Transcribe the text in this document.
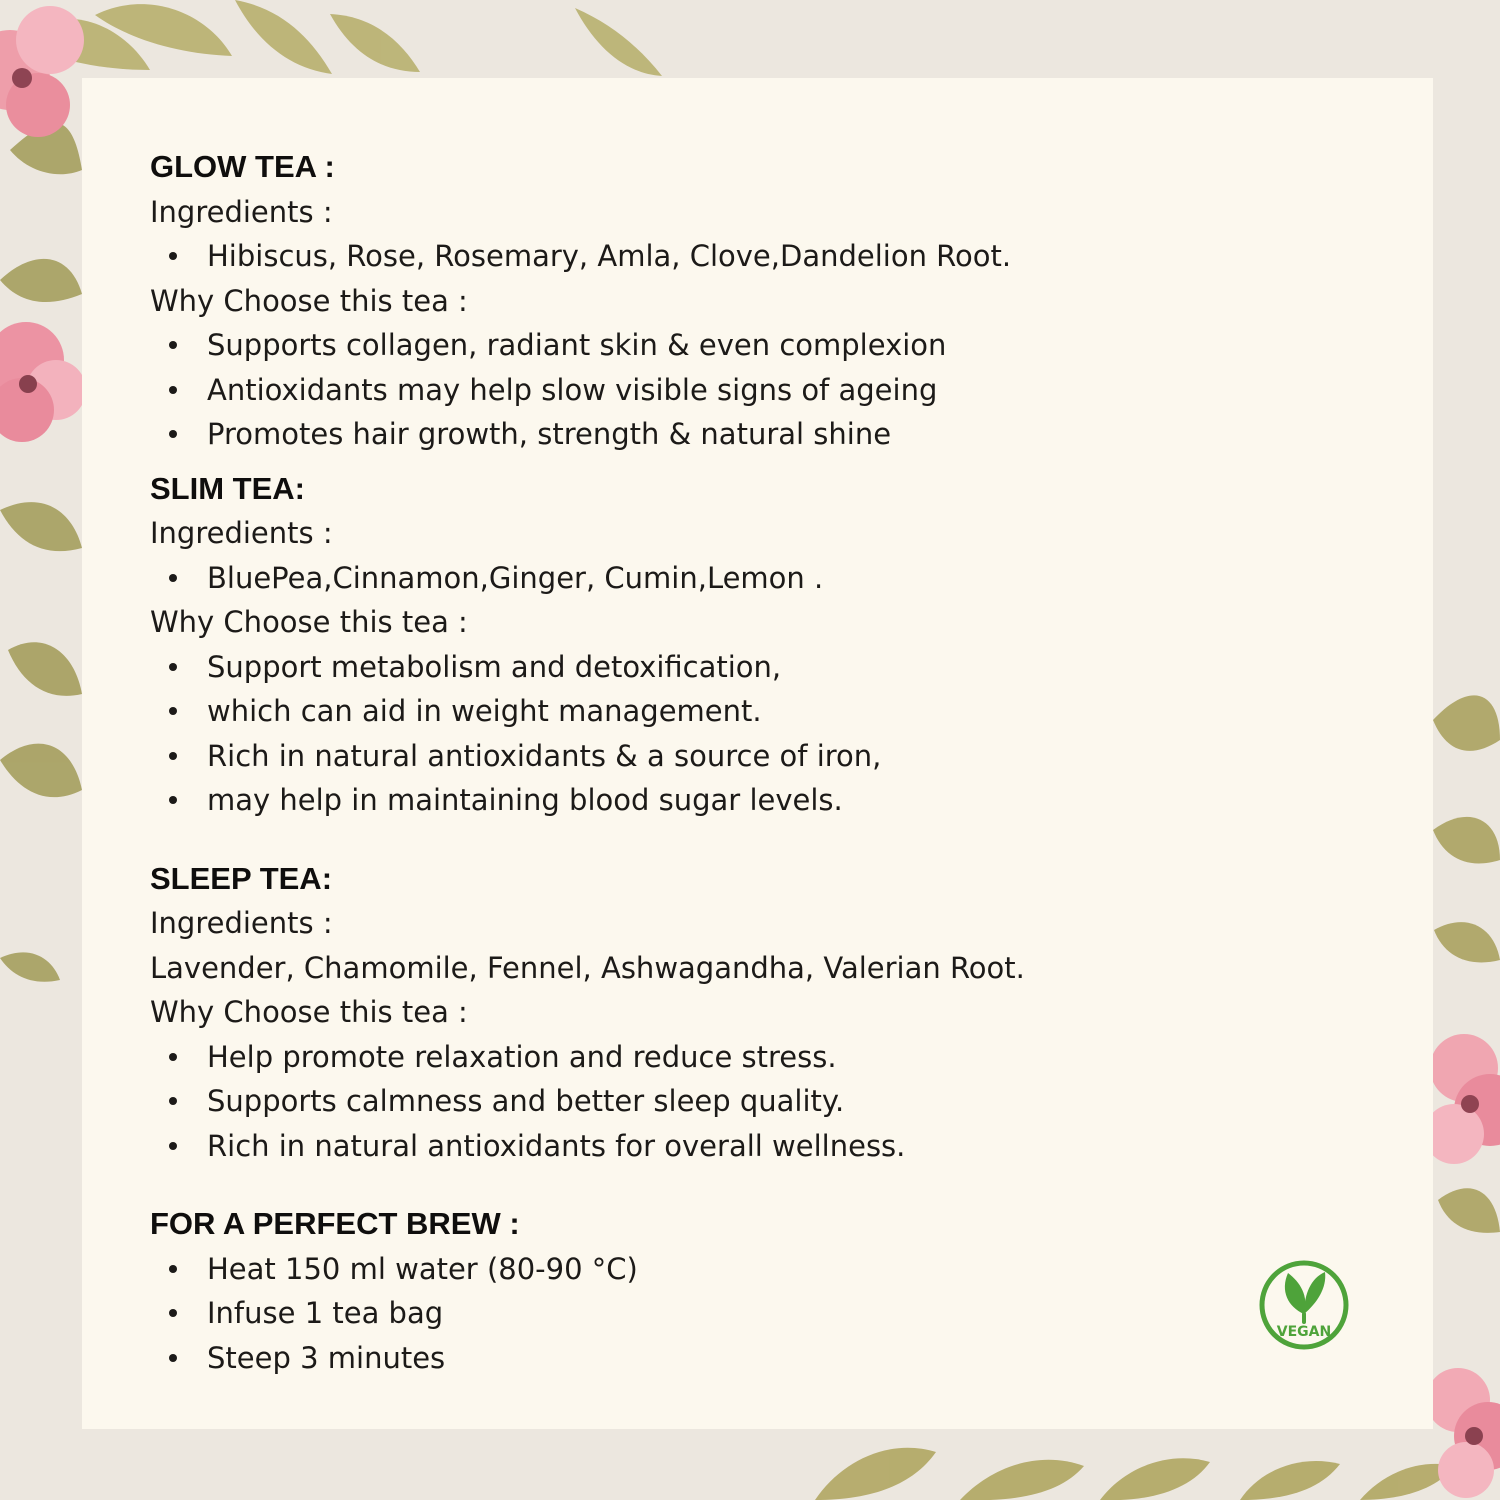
GLOW TEA :
Ingredients :
Hibiscus, Rose, Rosemary, Amla, Clove,Dandelion Root.
Why Choose this tea :
Supports collagen, radiant skin & even complexion
Antioxidants may help slow visible signs of ageing
Promotes hair growth, strength & natural shine
SLIM TEA:
Ingredients :
BluePea,Cinnamon,Ginger, Cumin,Lemon .
Why Choose this tea :
Support metabolism and detoxification,
which can aid in weight management.
Rich in natural antioxidants & a source of iron,
may help in maintaining blood sugar levels.
SLEEP TEA:
Ingredients :
Lavender, Chamomile, Fennel, Ashwagandha, Valerian Root.
Why Choose this tea :
Help promote relaxation and reduce stress.
Supports calmness and better sleep quality.
Rich in natural antioxidants for overall wellness.
FOR A PERFECT BREW :
Heat 150 ml water (80-90 °C)
Infuse 1 tea bag
Steep 3 minutes
VEGAN
